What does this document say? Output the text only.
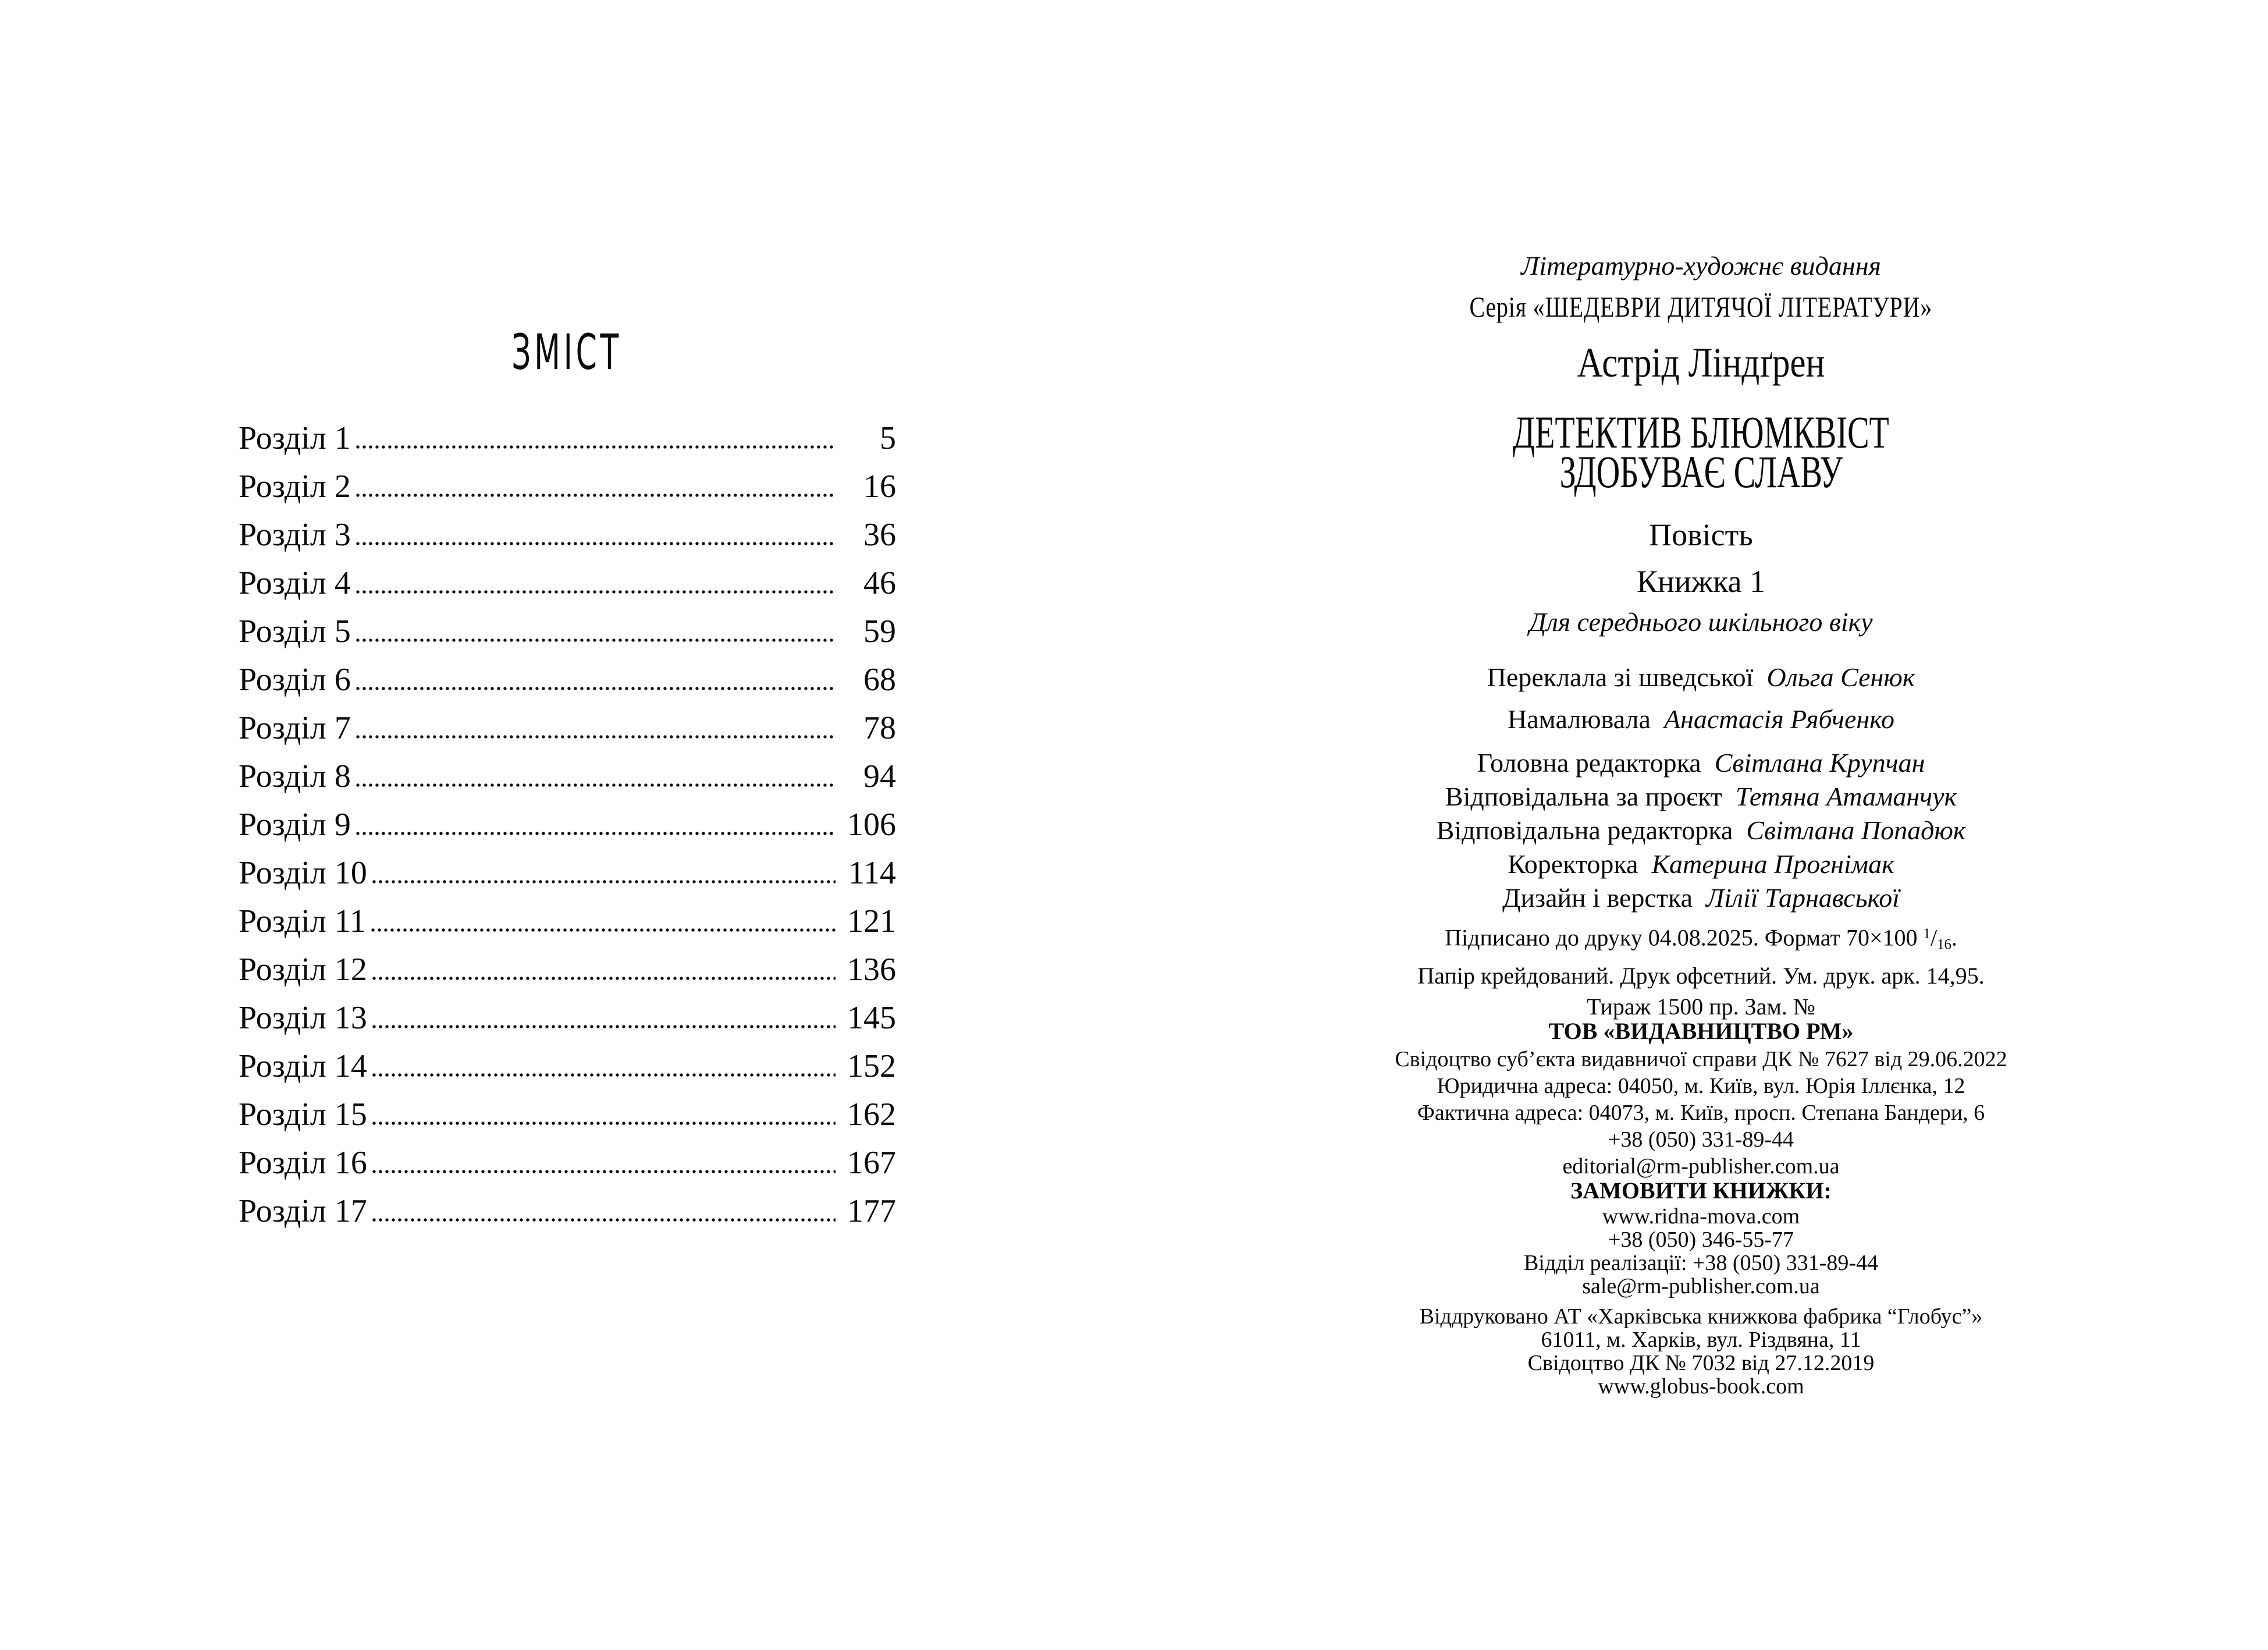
ЗМІСТ
Розділ 1	5
Розділ 2	16
Розділ 3	36
Розділ 4	46
Розділ 5	59
Розділ 6	68
Розділ 7	78
Розділ 8	94
Розділ 9	106
Розділ 10	114
Розділ 11	121
Розділ 12	136
Розділ 13	145
Розділ 14	152
Розділ 15	162
Розділ 16	167
Розділ 17	177
Літературно-художнє видання
Серія «ШЕДЕВРИ ДИТЯЧОЇ ЛІТЕРАТУРИ»
Астрід Ліндґрен
ДЕТЕКТИВ БЛЮМКВІСТ
ЗДОБУВАЄ СЛАВУ
Повість
Книжка 1
Для середнього шкільного віку
Переклала зі шведської Ольга Сенюк
Намалювала Анастасія Рябченко
Головна редакторка Світлана Крупчан
Відповідальна за проєкт Тетяна Атаманчук
Відповідальна редакторка Світлана Попадюк
Коректорка Катерина Прогнімак
Дизайн і верстка Лілії Тарнавської
Підписано до друку 04.08.2025. Формат 70×100 $^1/_{16}$.
Папір крейдований. Друк офсетний. Ум. друк. арк. 14,95.
Тираж 1500 пр. Зам. №
ТОВ «ВИДАВНИЦТВО РМ»
Свідоцтво суб’єкта видавничої справи ДК № 7627 від 29.06.2022
Юридична адреса: 04050, м. Київ, вул. Юрія Іллєнка, 12
Фактична адреса: 04073, м. Київ, просп. Степана Бандери, 6
+38 (050) 331-89-44
editorial@rm-publisher.com.ua
ЗАМОВИТИ КНИЖКИ:
www.ridna-mova.com
+38 (050) 346-55-77
Відділ реалізації: +38 (050) 331-89-44
sale@rm-publisher.com.ua
Віддруковано АТ «Харківська книжкова фабрика “Глобус”»
61011, м. Харків, вул. Різдвяна, 11
Свідоцтво ДК № 7032 від 27.12.2019
www.globus-book.com
